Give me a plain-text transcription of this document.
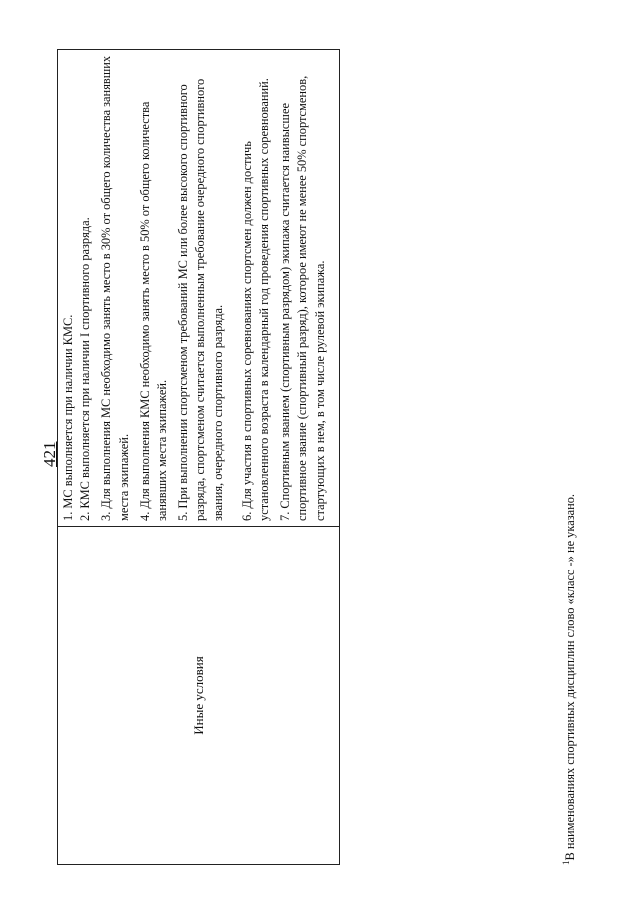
421
Иные условия

1. МС выполняется при наличии КМС. 2. КМС выполняется при наличии I спортивного разряда. 3. Для выполнения МС необходимо занять место в 30% от общего количества занявших места экипажей. 4. Для выполнения КМС необходимо занять место в 50% от общего количества занявших места экипажей. 5. При выполнении спортсменом требований МС или более высокого спортивного разряда, спортсменом считается выполненным требование очередного спортивного звания, очередного спортивного разряда. 6. Для участия в спортивных соревнованиях спортсмен должен достичь установленного возраста в календарный год проведения спортивных соревнований. 7. Спортивным званием (спортивным разрядом) экипажа считается наивысшее спортивное звание (спортивный разряд), которое имеют не менее 50% спортсменов, стартующих в нем, в том числе рулевой экипажа.

$^1$В наименованиях спортивных дисциплин слово «класс -» не указано.
